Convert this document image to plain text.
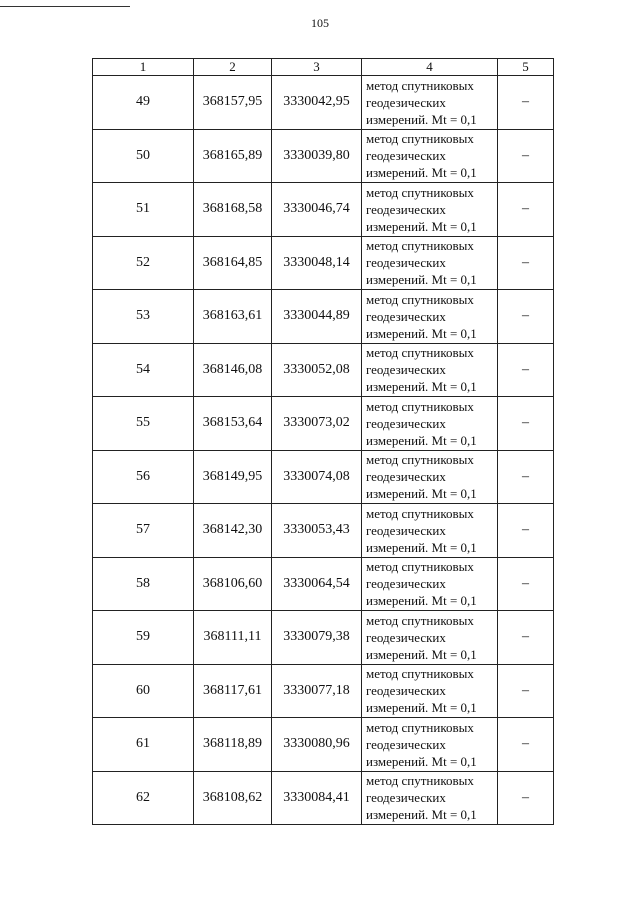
105
1	2	3	4	5
49	368157,95	3330042,95	метод спутниковых
геодезических
измерений. Mt = 0,1	–
50	368165,89	3330039,80	метод спутниковых
геодезических
измерений. Mt = 0,1	–
51	368168,58	3330046,74	метод спутниковых
геодезических
измерений. Mt = 0,1	–
52	368164,85	3330048,14	метод спутниковых
геодезических
измерений. Mt = 0,1	–
53	368163,61	3330044,89	метод спутниковых
геодезических
измерений. Mt = 0,1	–
54	368146,08	3330052,08	метод спутниковых
геодезических
измерений. Mt = 0,1	–
55	368153,64	3330073,02	метод спутниковых
геодезических
измерений. Mt = 0,1	–
56	368149,95	3330074,08	метод спутниковых
геодезических
измерений. Mt = 0,1	–
57	368142,30	3330053,43	метод спутниковых
геодезических
измерений. Mt = 0,1	–
58	368106,60	3330064,54	метод спутниковых
геодезических
измерений. Mt = 0,1	–
59	368111,11	3330079,38	метод спутниковых
геодезических
измерений. Mt = 0,1	–
60	368117,61	3330077,18	метод спутниковых
геодезических
измерений. Mt = 0,1	–
61	368118,89	3330080,96	метод спутниковых
геодезических
измерений. Mt = 0,1	–
62	368108,62	3330084,41	метод спутниковых
геодезических
измерений. Mt = 0,1	–
